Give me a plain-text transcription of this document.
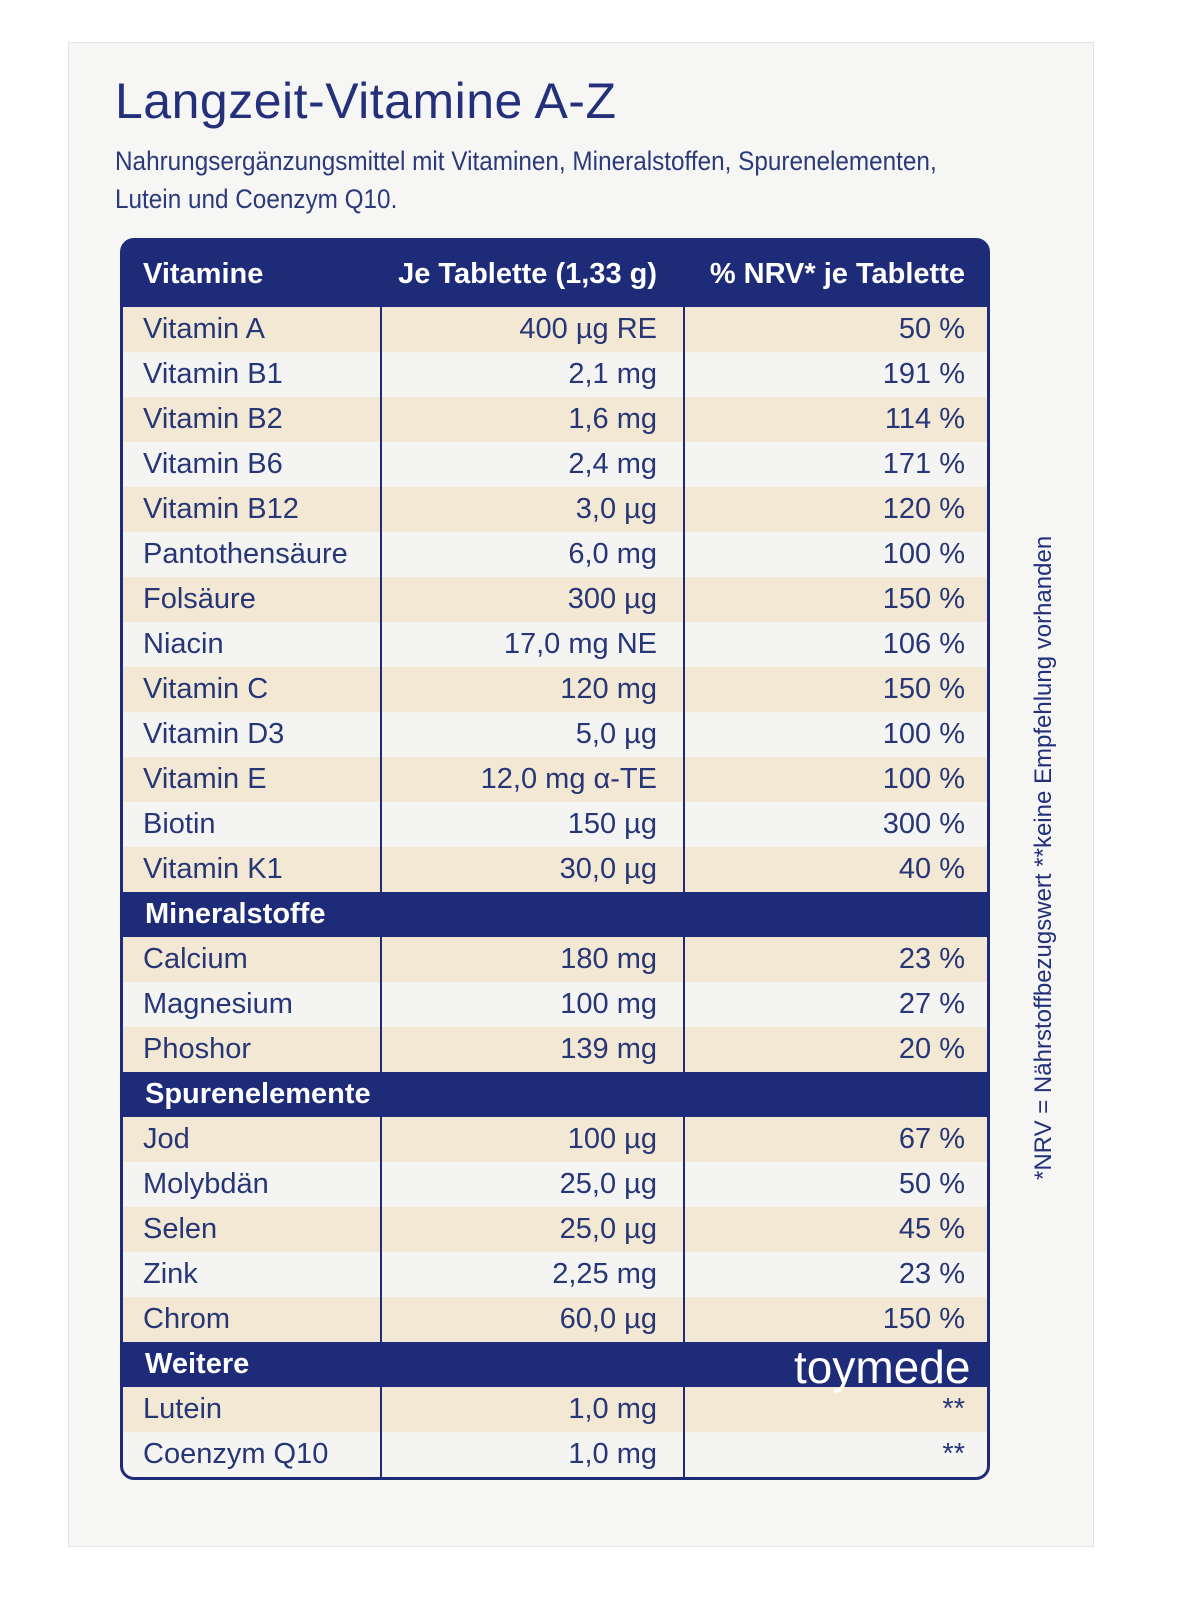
Langzeit-Vitamine A-Z
Nahrungsergänzungsmittel mit Vitaminen, Mineralstoffen, Spurenelementen,
Lutein und Coenzym Q10.
Vitamine	Je Tablette (1,33 g)	% NRV* je Tablette
Vitamin A	400 µg RE	50 %
Vitamin B1	2,1 mg	191 %
Vitamin B2	1,6 mg	114 %
Vitamin B6	2,4 mg	171 %
Vitamin B12	3,0 µg	120 %
Pantothensäure	6,0 mg	100 %
Folsäure	300 µg	150 %
Niacin	17,0 mg NE	106 %
Vitamin C	120 mg	150 %
Vitamin D3	5,0 µg	100 %
Vitamin E	12,0 mg α-TE	100 %
Biotin	150 µg	300 %
Vitamin K1	30,0 µg	40 %
Mineralstoffe
Calcium	180 mg	23 %
Magnesium	100 mg	27 %
Phoshor	139 mg	20 %
Spurenelemente
Jod	100 µg	67 %
Molybdän	25,0 µg	50 %
Selen	25,0 µg	45 %
Zink	2,25 mg	23 %
Chrom	60,0 µg	150 %
Weitere
Lutein	1,0 mg	**
Coenzym Q10	1,0 mg	**
*NRV = Nährstoffbezugswert **keine Empfehlung vorhanden
toymede
